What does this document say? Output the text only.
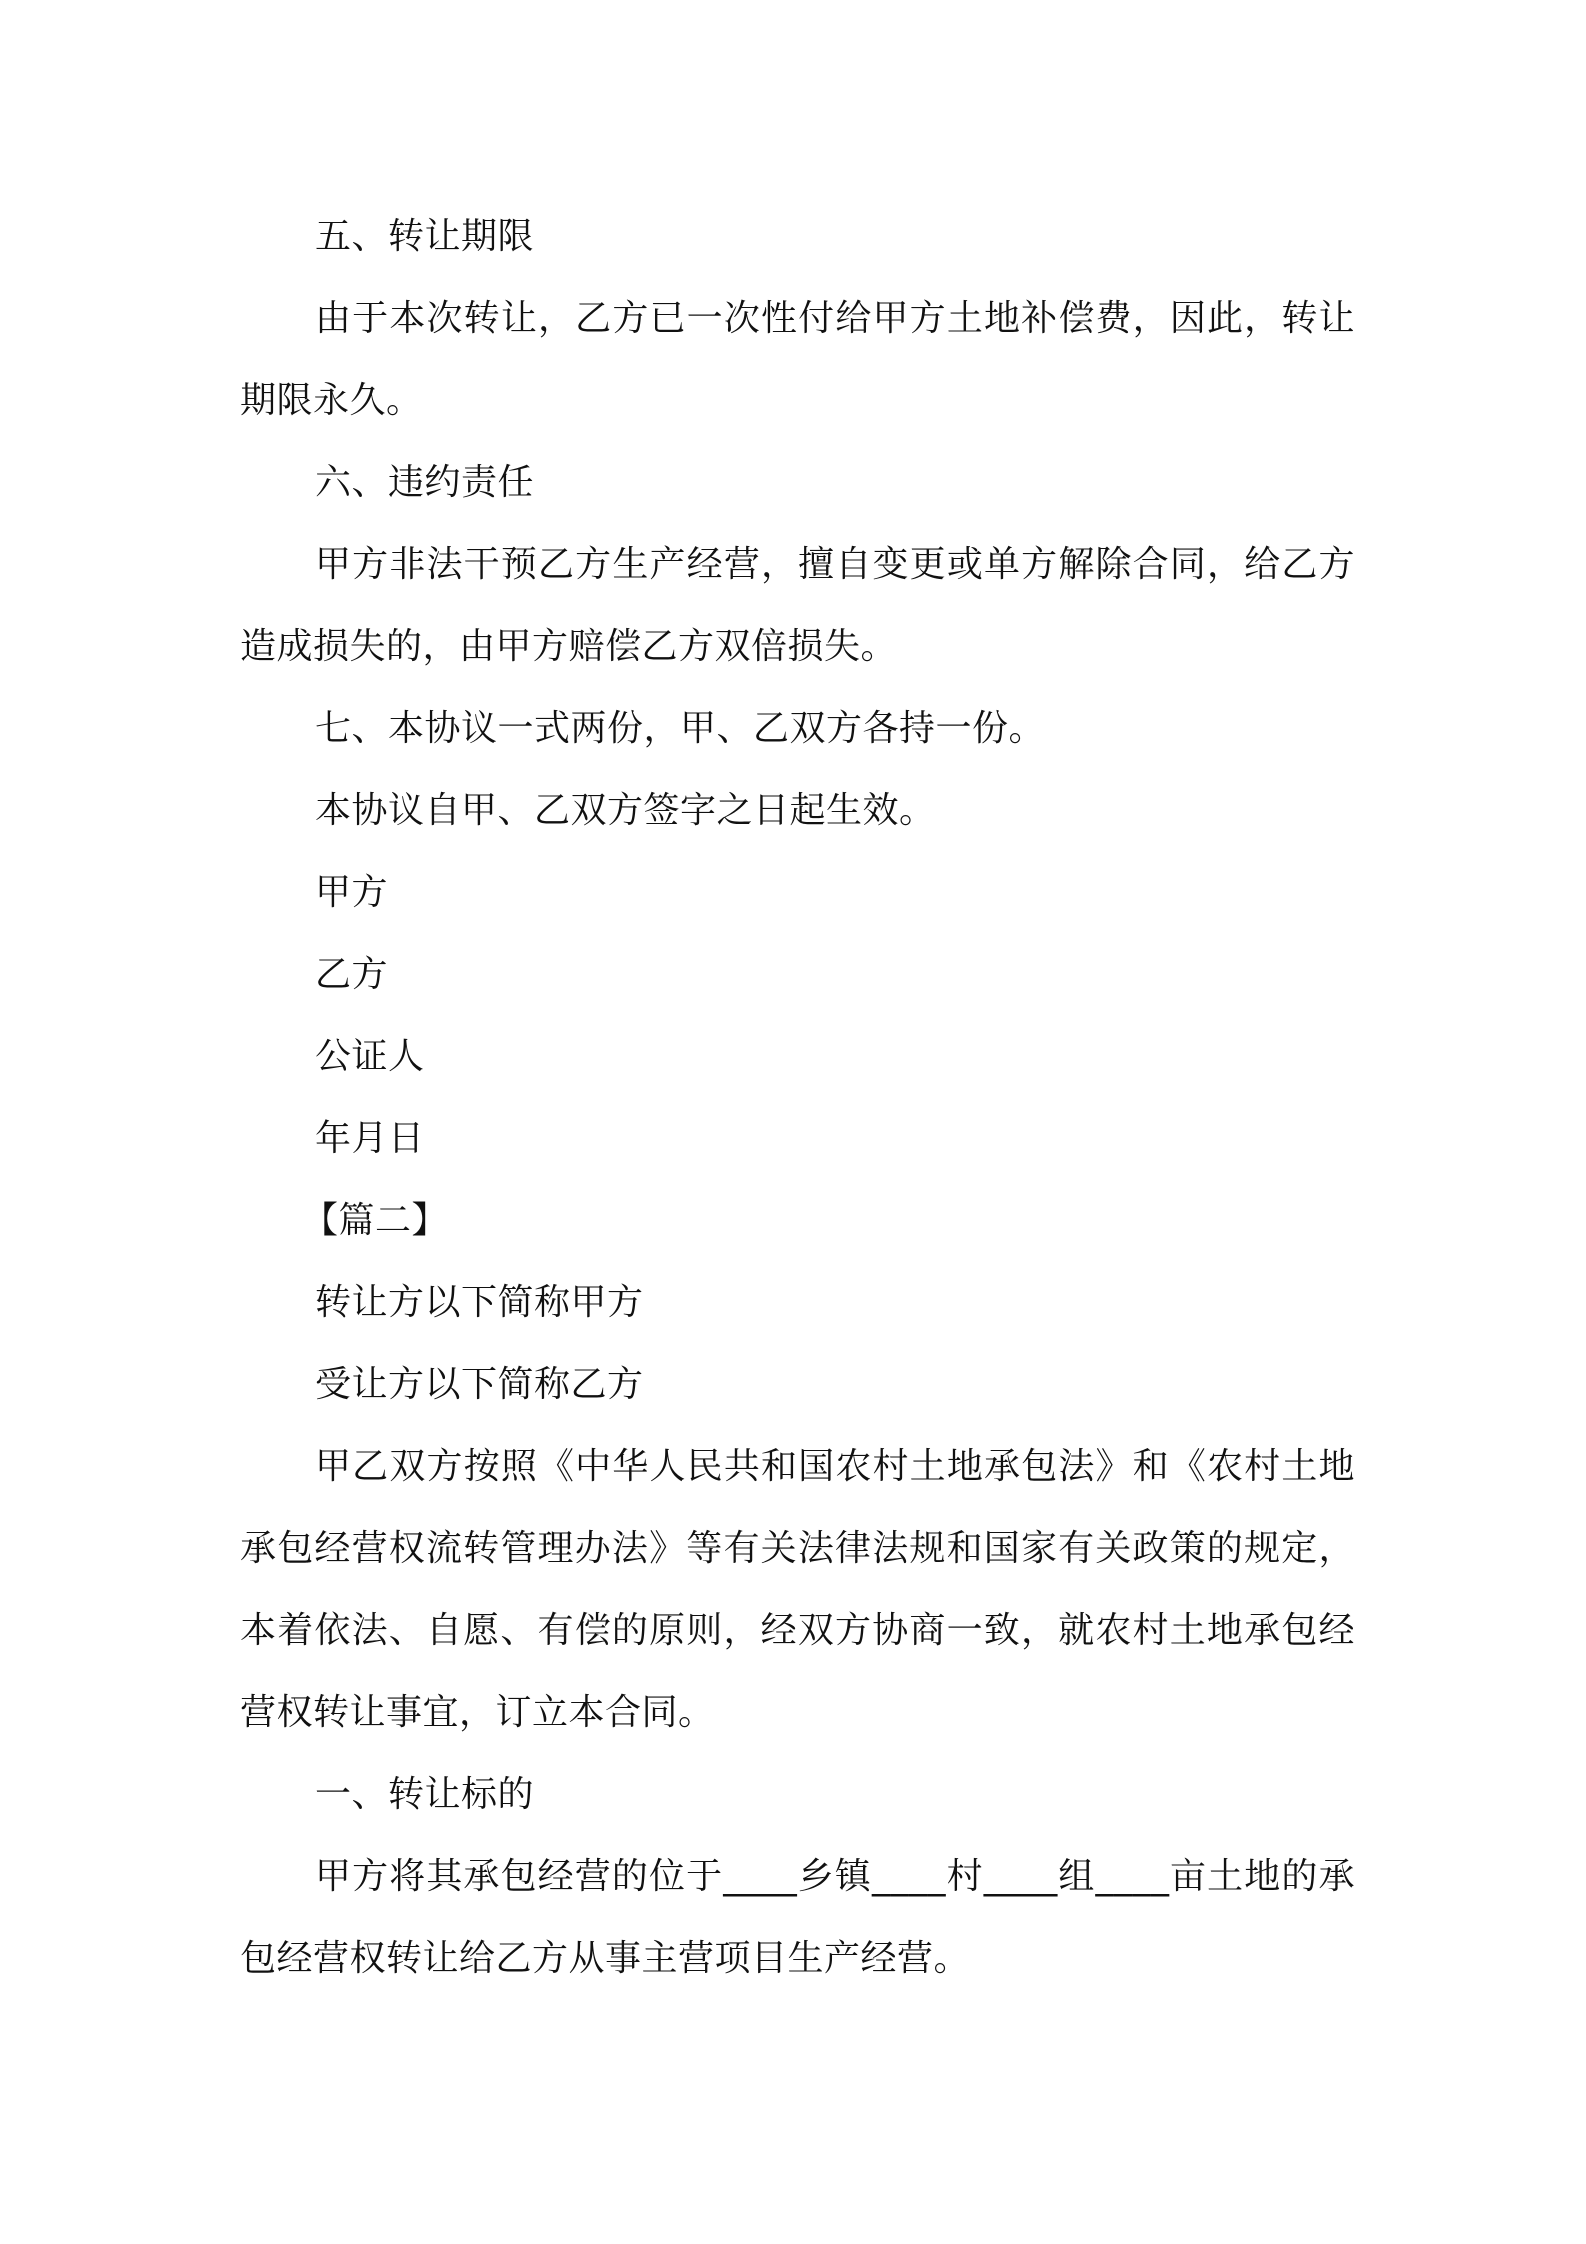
五、转让期限

由于本次转让，乙方已一次性付给甲方土地补偿费，因此，转让期限永久。

六、违约责任

甲方非法干预乙方生产经营，擅自变更或单方解除合同，给乙方造成损失的，由甲方赔偿乙方双倍损失。

七、本协议一式两份，甲、乙双方各持一份。

本协议自甲、乙双方签字之日起生效。

甲方

乙方

公证人

年月日

【篇二】

转让方以下简称甲方

受让方以下简称乙方

甲乙双方按照《中华人民共和国农村土地承包法》和《农村土地承包经营权流转管理办法》等有关法律法规和国家有关政策的规定，本着依法、自愿、有偿的原则，经双方协商一致，就农村土地承包经营权转让事宜，订立本合同。

一、转让标的

甲方将其承包经营的位于____乡镇____村____组____亩土地的承包经营权转让给乙方从事主营项目生产经营。
